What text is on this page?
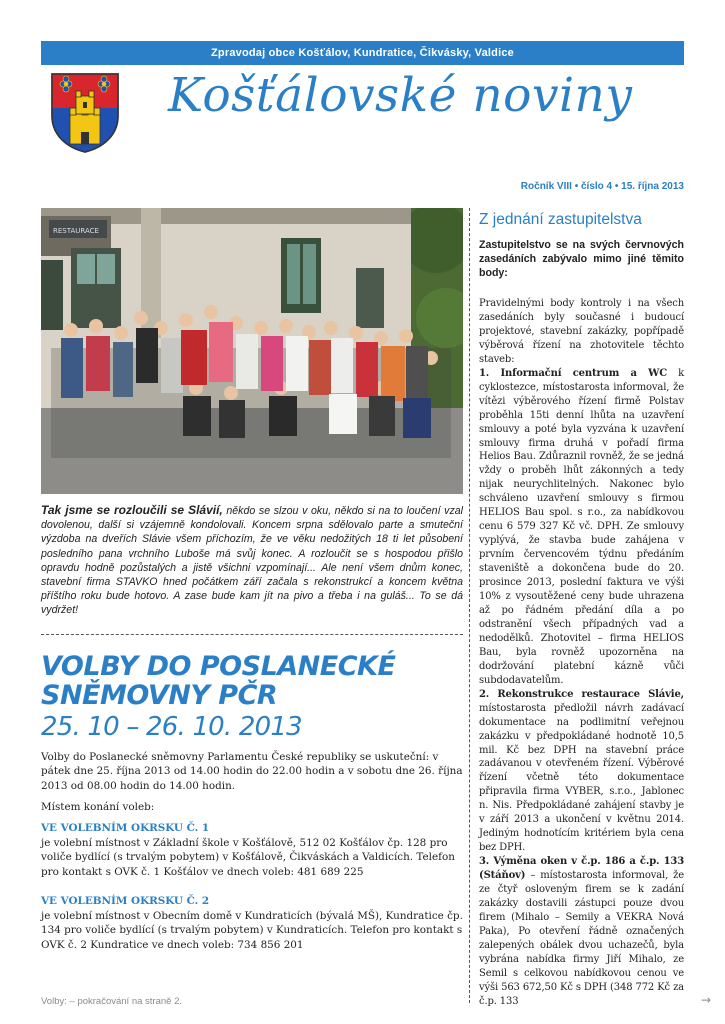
Zpravodaj obce Košťálov, Kundratice, Čikvásky, Valdice
Košťálovské noviny
Ročník VIII • číslo 4 • 15. října 2013
RESTAURACE
Tak jsme se rozloučili se Slávií, někdo se slzou v oku, někdo si na to loučení vzal dovolenou, další si vzájemně kondolovali. Koncem srpna sdělovalo parte a smuteční výzdoba na dveřích Slávie všem příchozím, že ve věku nedožitých 18 ti let působení posledního pana vrchního Luboše má svůj konec. A rozloučit se s hospodou přišlo opravdu hodně pozůstalých a jistě všichni vzpomínají... Ale není všem dnům konec, stavební firma STAVKO hned počátkem září začala s rekonstrukcí a koncem května příštího roku bude hotovo. A zase bude kam jít na pivo a třeba i na guláš... To se dá vydržet!
VOLBY DO POSLANECKÉ
SNĚMOVNY PČR
25. 10 – 26. 10. 2013
Volby do Poslanecké sněmovny Parlamentu České republiky se uskuteční: v pátek dne 25. října 2013 od 14.00 hodin do 22.00 hodin a v sobotu dne 26. října 2013 od 08.00 hodin do 14.00 hodin.
Místem konání voleb:
VE VOLEBNÍM OKRSKU Č. 1
je volební místnost v Základní škole v Košťálově, 512 02 Košťálov čp. 128 pro voliče bydlící (s trvalým pobytem) v Košťálově, Čikváskách a Valdicích. Telefon pro kontakt s OVK č. 1 Košťálov ve dnech voleb: 481 689 225
VE VOLEBNÍM OKRSKU Č. 2
je volební místnost v Obecním domě v Kundraticích (bývalá MŠ), Kundratice čp. 134 pro voliče bydlící (s trvalým pobytem) v Kundraticích. Telefon pro kontakt s OVK č. 2 Kundratice ve dnech voleb: 734 856 201
Volby: – pokračování na straně 2.	→
Z jednání zastupitelstva
Zastupitelstvo se na svých červnových zasedáních zabývalo mimo jiné těmito body:

Pravidelnými body kontroly i na všech zasedáních byly současné i budoucí projektové, stavební zakázky, popřípadě výběrová řízení na zhotovitele těchto staveb:

1. Informační centrum a WC k cyklostezce, místostarosta informoval, že vítězi výběrového řízení firmě Polstav proběhla 15ti denní lhůta na uzavření smlouvy a poté byla vyzvána k uzavření smlouvy firma druhá v pořadí firma Helios Bau. Zdůraznil rovněž, že se jedná vždy o proběh lhůt zákonných a tedy nijak neurychlitelných. Nakonec bylo schváleno uzavření smlouvy s firmou HELIOS Bau spol. s r.o., za nabídkovou cenu 6 579 327 Kč vč. DPH. Ze smlouvy vyplývá, že stavba bude zahájena v prvním červencovém týdnu předáním staveniště a dokončena bude do 20. prosince 2013, poslední faktura ve výši 10% z vysoutěžené ceny bude uhrazena až po řádném předání díla a po odstranění všech případných vad a nedodělků. Zhotovitel – firma HELIOS Bau, byla rovněž upozorněna na dodržování platební kázně vůči subdodavatelům.

2. Rekonstrukce restaurace Slávie, místostarosta předložil návrh zadávací dokumentace na podlimitní veřejnou zakázku v předpokládané hodnotě 10,5 mil. Kč bez DPH na stavební práce zadávanou v otevřeném řízení. Výběrové řízení včetně této dokumentace připravila firma VYBER, s.r.o., Jablonec n. Nis. Předpokládané zahájení stavby je v září 2013 a ukončení v květnu 2014. Jediným hodnotícím kritériem byla cena bez DPH.

3. Výměna oken v č.p. 186 a č.p. 133 (Stáňov) – místostarosta informoval, že ze čtyř osloveným firem se k zadání zakázky dostavili zástupci pouze dvou firem (Mihalo – Semily a VEKRA Nová Paka), Po otevření řádně označených zalepených obálek dvou uchazečů, byla vybrána nabídka firmy Jiří Mihalo, ze Semil s celkovou nabídkovou cenou ve výši 563 672,50 Kč s DPH (348 772 Kč za č.p. 133
